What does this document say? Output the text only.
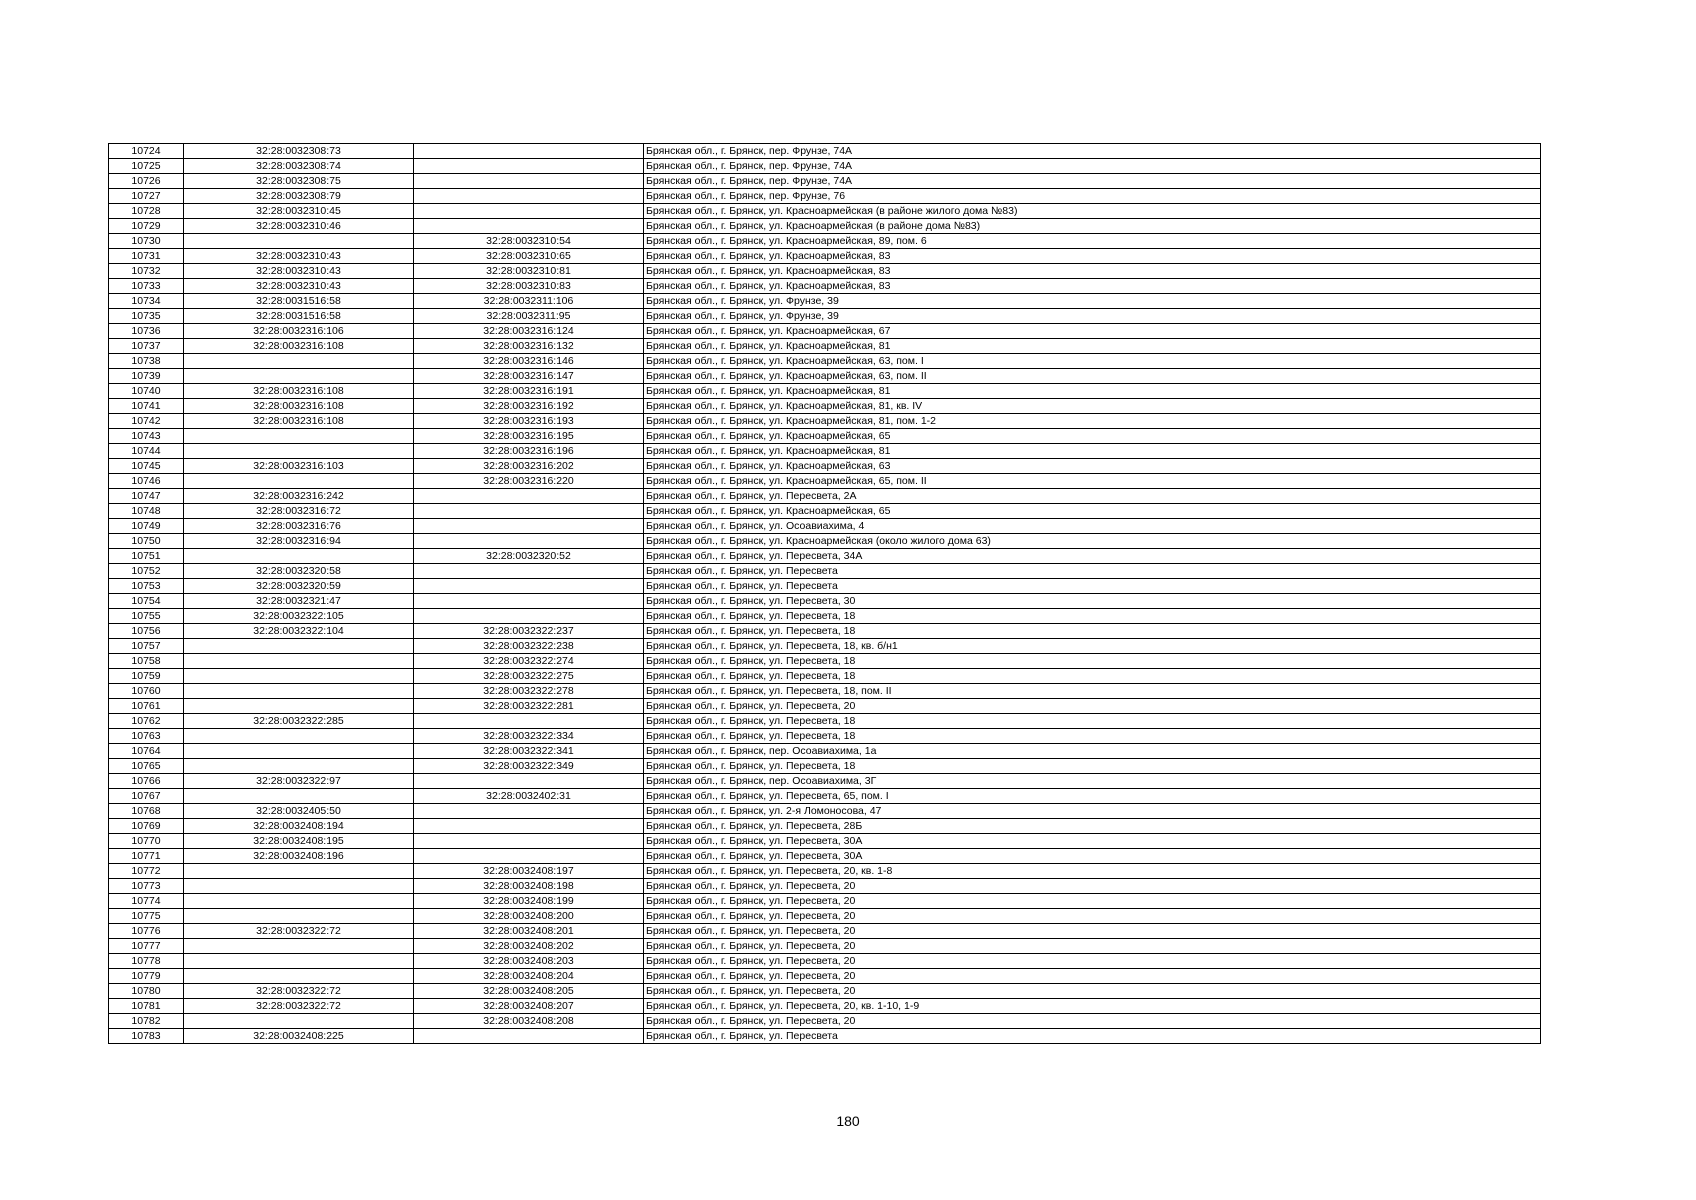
10724	32:28:0032308:73		Брянская обл., г. Брянск, пер. Фрунзе, 74А
10725	32:28:0032308:74		Брянская обл., г. Брянск, пер. Фрунзе, 74А
10726	32:28:0032308:75		Брянская обл., г. Брянск, пер. Фрунзе, 74А
10727	32:28:0032308:79		Брянская обл., г. Брянск, пер. Фрунзе, 76
10728	32:28:0032310:45		Брянская обл., г. Брянск, ул. Красноармейская (в районе жилого дома №83)
10729	32:28:0032310:46		Брянская обл., г. Брянск, ул. Красноармейская (в районе дома №83)
10730		32:28:0032310:54	Брянская обл., г. Брянск, ул. Красноармейская, 89, пом. 6
10731	32:28:0032310:43	32:28:0032310:65	Брянская обл., г. Брянск, ул. Красноармейская, 83
10732	32:28:0032310:43	32:28:0032310:81	Брянская обл., г. Брянск, ул. Красноармейская, 83
10733	32:28:0032310:43	32:28:0032310:83	Брянская обл., г. Брянск, ул. Красноармейская, 83
10734	32:28:0031516:58	32:28:0032311:106	Брянская обл., г. Брянск, ул. Фрунзе, 39
10735	32:28:0031516:58	32:28:0032311:95	Брянская обл., г. Брянск, ул. Фрунзе, 39
10736	32:28:0032316:106	32:28:0032316:124	Брянская обл., г. Брянск, ул. Красноармейская, 67
10737	32:28:0032316:108	32:28:0032316:132	Брянская обл., г. Брянск, ул. Красноармейская, 81
10738		32:28:0032316:146	Брянская обл., г. Брянск, ул. Красноармейская, 63, пом. I
10739		32:28:0032316:147	Брянская обл., г. Брянск, ул. Красноармейская, 63, пом. II
10740	32:28:0032316:108	32:28:0032316:191	Брянская обл., г. Брянск, ул. Красноармейская, 81
10741	32:28:0032316:108	32:28:0032316:192	Брянская обл., г. Брянск, ул. Красноармейская, 81, кв. IV
10742	32:28:0032316:108	32:28:0032316:193	Брянская обл., г. Брянск, ул. Красноармейская, 81, пом. 1-2
10743		32:28:0032316:195	Брянская обл., г. Брянск, ул. Красноармейская, 65
10744		32:28:0032316:196	Брянская обл., г. Брянск, ул. Красноармейская, 81
10745	32:28:0032316:103	32:28:0032316:202	Брянская обл., г. Брянск, ул. Красноармейская, 63
10746		32:28:0032316:220	Брянская обл., г. Брянск, ул. Красноармейская, 65, пом. II
10747	32:28:0032316:242		Брянская обл., г. Брянск, ул. Пересвета, 2А
10748	32:28:0032316:72		Брянская обл., г. Брянск, ул. Красноармейская, 65
10749	32:28:0032316:76		Брянская обл., г. Брянск, ул. Осоавиахима, 4
10750	32:28:0032316:94		Брянская обл., г. Брянск, ул. Красноармейская (около жилого дома 63)
10751		32:28:0032320:52	Брянская обл., г. Брянск, ул. Пересвета, 34А
10752	32:28:0032320:58		Брянская обл., г. Брянск, ул. Пересвета
10753	32:28:0032320:59		Брянская обл., г. Брянск, ул. Пересвета
10754	32:28:0032321:47		Брянская обл., г. Брянск, ул. Пересвета, 30
10755	32:28:0032322:105		Брянская обл., г. Брянск, ул. Пересвета, 18
10756	32:28:0032322:104	32:28:0032322:237	Брянская обл., г. Брянск, ул. Пересвета, 18
10757		32:28:0032322:238	Брянская обл., г. Брянск, ул. Пересвета, 18, кв. б/н1
10758		32:28:0032322:274	Брянская обл., г. Брянск, ул. Пересвета, 18
10759		32:28:0032322:275	Брянская обл., г. Брянск, ул. Пересвета, 18
10760		32:28:0032322:278	Брянская обл., г. Брянск, ул. Пересвета, 18, пом. II
10761		32:28:0032322:281	Брянская обл., г. Брянск, ул. Пересвета, 20
10762	32:28:0032322:285		Брянская обл., г. Брянск, ул. Пересвета, 18
10763		32:28:0032322:334	Брянская обл., г. Брянск, ул. Пересвета, 18
10764		32:28:0032322:341	Брянская обл., г. Брянск, пер. Осоавиахима, 1а
10765		32:28:0032322:349	Брянская обл., г. Брянск, ул. Пересвета, 18
10766	32:28:0032322:97		Брянская обл., г. Брянск, пер. Осоавиахима, 3Г
10767		32:28:0032402:31	Брянская обл., г. Брянск, ул. Пересвета, 65, пом. I
10768	32:28:0032405:50		Брянская обл., г. Брянск, ул. 2-я Ломоносова, 47
10769	32:28:0032408:194		Брянская обл., г. Брянск, ул. Пересвета, 28Б
10770	32:28:0032408:195		Брянская обл., г. Брянск, ул. Пересвета, 30А
10771	32:28:0032408:196		Брянская обл., г. Брянск, ул. Пересвета, 30А
10772		32:28:0032408:197	Брянская обл., г. Брянск, ул. Пересвета, 20, кв. 1-8
10773		32:28:0032408:198	Брянская обл., г. Брянск, ул. Пересвета, 20
10774		32:28:0032408:199	Брянская обл., г. Брянск, ул. Пересвета, 20
10775		32:28:0032408:200	Брянская обл., г. Брянск, ул. Пересвета, 20
10776	32:28:0032322:72	32:28:0032408:201	Брянская обл., г. Брянск, ул. Пересвета, 20
10777		32:28:0032408:202	Брянская обл., г. Брянск, ул. Пересвета, 20
10778		32:28:0032408:203	Брянская обл., г. Брянск, ул. Пересвета, 20
10779		32:28:0032408:204	Брянская обл., г. Брянск, ул. Пересвета, 20
10780	32:28:0032322:72	32:28:0032408:205	Брянская обл., г. Брянск, ул. Пересвета, 20
10781	32:28:0032322:72	32:28:0032408:207	Брянская обл., г. Брянск, ул. Пересвета, 20, кв. 1-10, 1-9
10782		32:28:0032408:208	Брянская обл., г. Брянск, ул. Пересвета, 20
10783	32:28:0032408:225		Брянская обл., г. Брянск, ул. Пересвета
180
